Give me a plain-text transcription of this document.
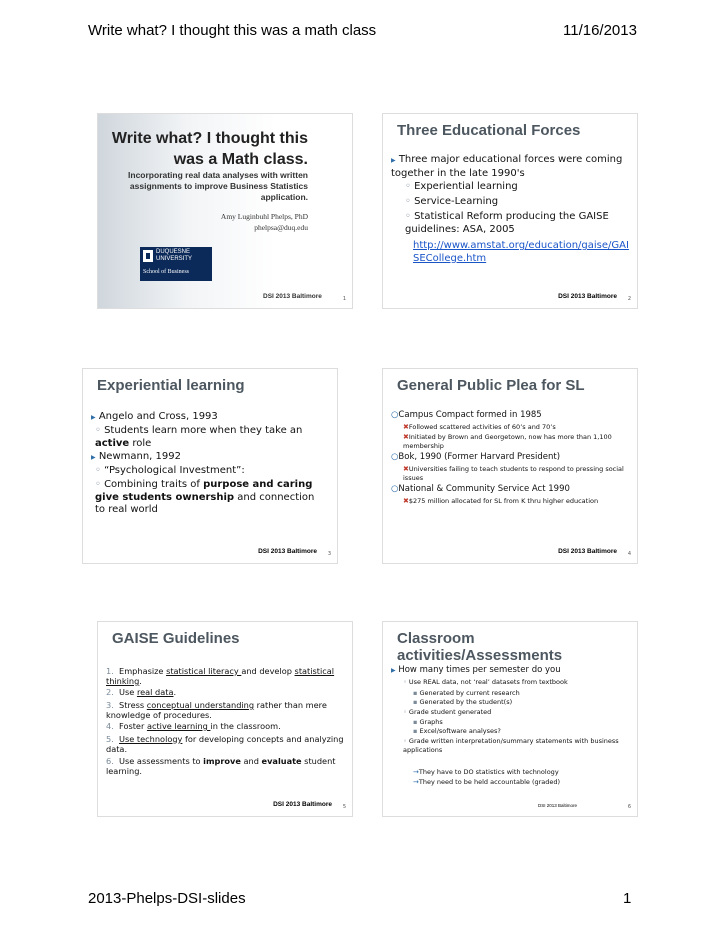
Write what? I thought this was a math class	11/16/2013
Write what? I thought this
was a Math class.
Incorporating real data analyses with written assignments to improve Business Statistics application.
Amy Luginbuhl Phelps, PhD
phelpsa@duq.edu
DUQUESNE
UNIVERSITY
School of Business
DSI 2013 Baltimore	1
Three Educational Forces
▶ Three major educational forces were coming together in the late 1990's
◦ Experiential learning
◦ Service-Learning
◦ Statistical Reform producing the GAISE guidelines: ASA, 2005
http://www.amstat.org/education/gaise/GAISECollege.htm
DSI 2013 Baltimore 2
Experiential learning
▶ Angelo and Cross, 1993
◦ Students learn more when they take an active role
▶ Newmann, 1992
◦ “Psychological Investment”:
◦ Combining traits of purpose and caring give students ownership and connection to real world
DSI 2013 Baltimore 3
General Public Plea for SL
○Campus Compact formed in 1985
✖Followed scattered activities of 60’s and 70’s
✖Initiated by Brown and Georgetown, now has more than 1,100 membership
○Bok, 1990 (Former Harvard President)
✖Universities failing to teach students to respond to pressing social issues
○National & Community Service Act 1990
✖$275 million allocated for SL from K thru higher education
DSI 2013 Baltimore 4
GAISE Guidelines
1. Emphasize statistical literacy and develop statistical thinking.
2. Use real data.
3. Stress conceptual understanding rather than mere knowledge of procedures.
4. Foster active learning in the classroom.
5. Use technology for developing concepts and analyzing data.
6. Use assessments to improve and evaluate student learning.
DSI 2013 Baltimore 5
Classroom activities/Assessments
▶ How many times per semester do you
◦ Use REAL data, not ‘real’ datasets from textbook
▪ Generated by current research
▪ Generated by the student(s)
◦ Grade student generated
▪ Graphs
▪ Excel/software analyses?
◦ Grade written interpretation/summary statements with business applications
→They have to DO statistics with technology
→They need to be held accountable (graded)
DSI 2013 Baltimore	6
2013-Phelps-DSI-slides	1
